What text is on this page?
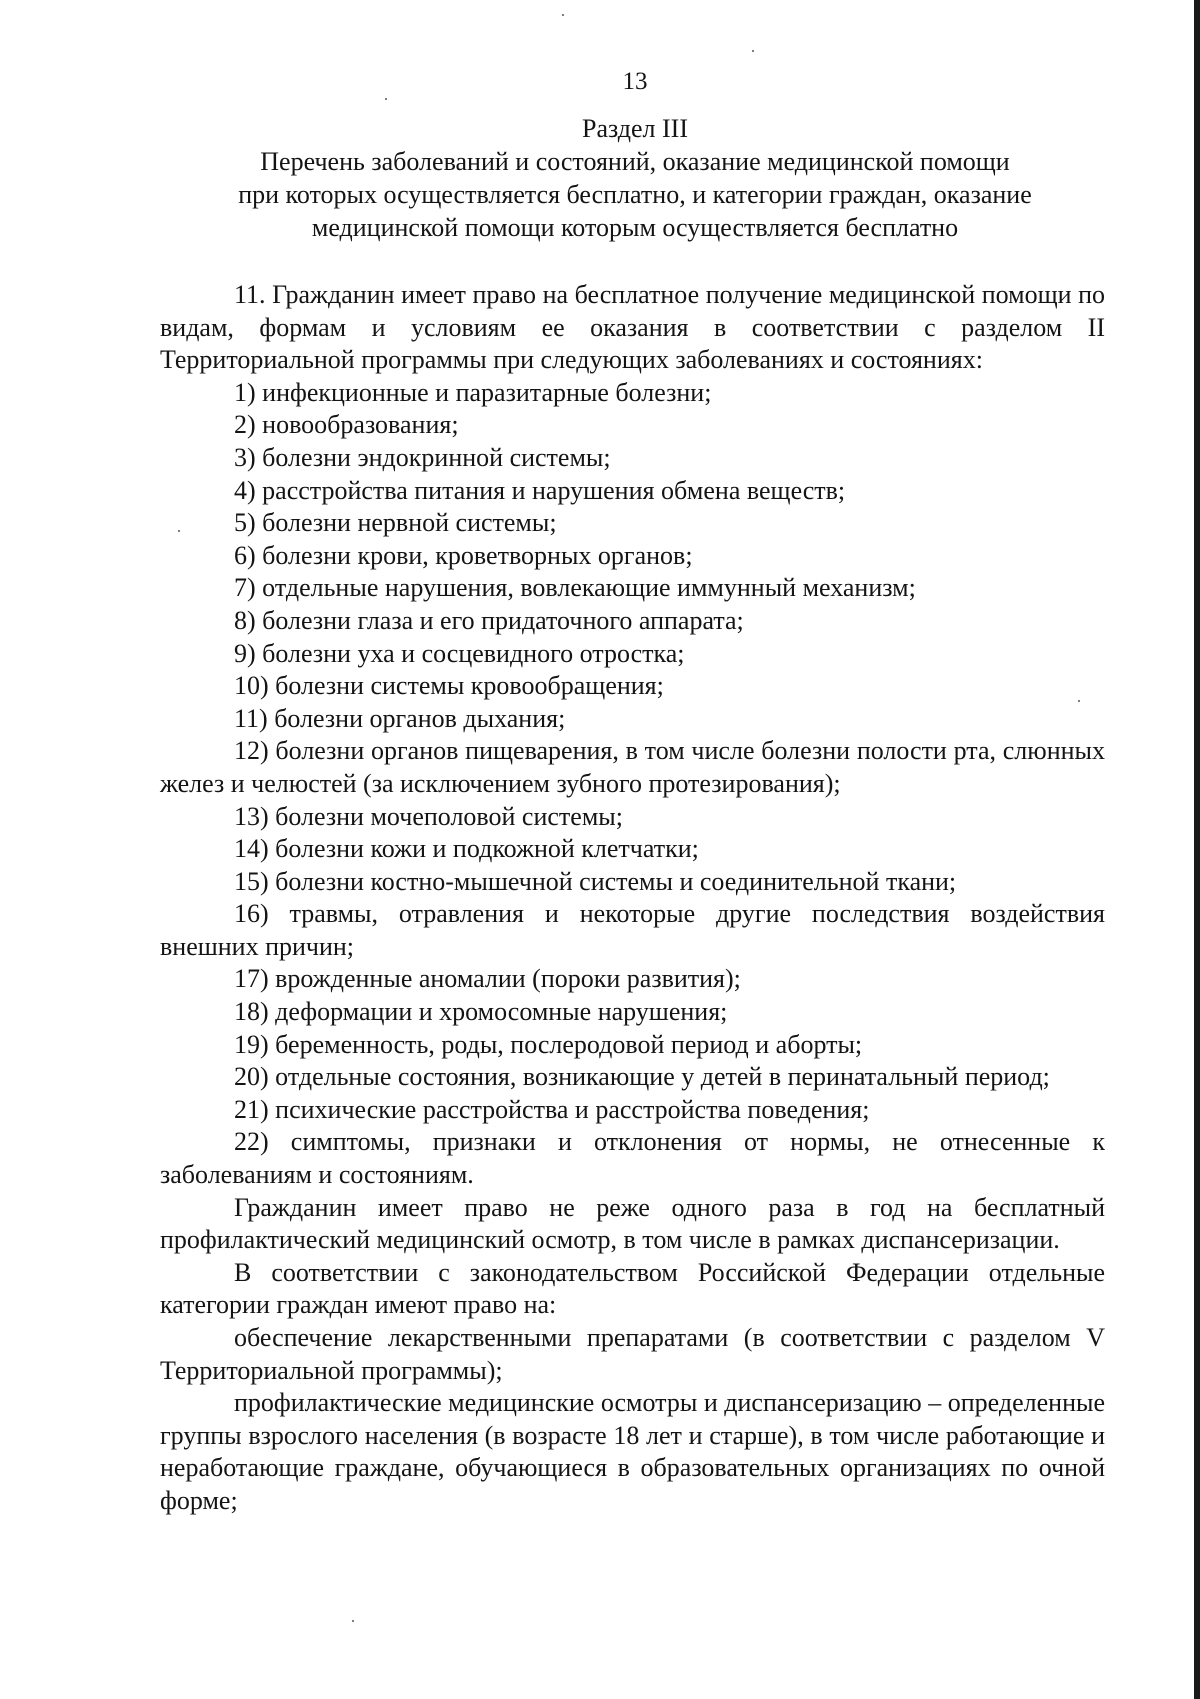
13
Раздел III
Перечень заболеваний и состояний, оказание медицинской помощи
при которых осуществляется бесплатно, и категории граждан, оказание
медицинской помощи которым осуществляется бесплатно

11. Гражданин имеет право на бесплатное получение медицинской помощи по видам, формам и условиям ее оказания в соответствии с разделом II Территориальной программы при следующих заболеваниях и состояниях:

1) инфекционные и паразитарные болезни;

2) новообразования;

3) болезни эндокринной системы;

4) расстройства питания и нарушения обмена веществ;

5) болезни нервной системы;

6) болезни крови, кроветворных органов;

7) отдельные нарушения, вовлекающие иммунный механизм;

8) болезни глаза и его придаточного аппарата;

9) болезни уха и сосцевидного отростка;

10) болезни системы кровообращения;

11) болезни органов дыхания;

12) болезни органов пищеварения, в том числе болезни полости рта, слюнных желез и челюстей (за исключением зубного протезирования);

13) болезни мочеполовой системы;

14) болезни кожи и подкожной клетчатки;

15) болезни костно-мышечной системы и соединительной ткани;

16) травмы, отравления и некоторые другие последствия воздействия внешних причин;

17) врожденные аномалии (пороки развития);

18) деформации и хромосомные нарушения;

19) беременность, роды, послеродовой период и аборты;

20) отдельные состояния, возникающие у детей в перинатальный период;

21) психические расстройства и расстройства поведения;

22) симптомы, признаки и отклонения от нормы, не отнесенные к заболеваниям и состояниям.

Гражданин имеет право не реже одного раза в год на бесплатный профилактический медицинский осмотр, в том числе в рамках диспансеризации.

В соответствии с законодательством Российской Федерации отдельные категории граждан имеют право на:

обеспечение лекарственными препаратами (в соответствии с разделом V Территориальной программы);

профилактические медицинские осмотры и диспансеризацию – определенные группы взрослого населения (в возрасте 18 лет и старше), в том числе работающие и неработающие граждане, обучающиеся в образовательных организациях по очной форме;
